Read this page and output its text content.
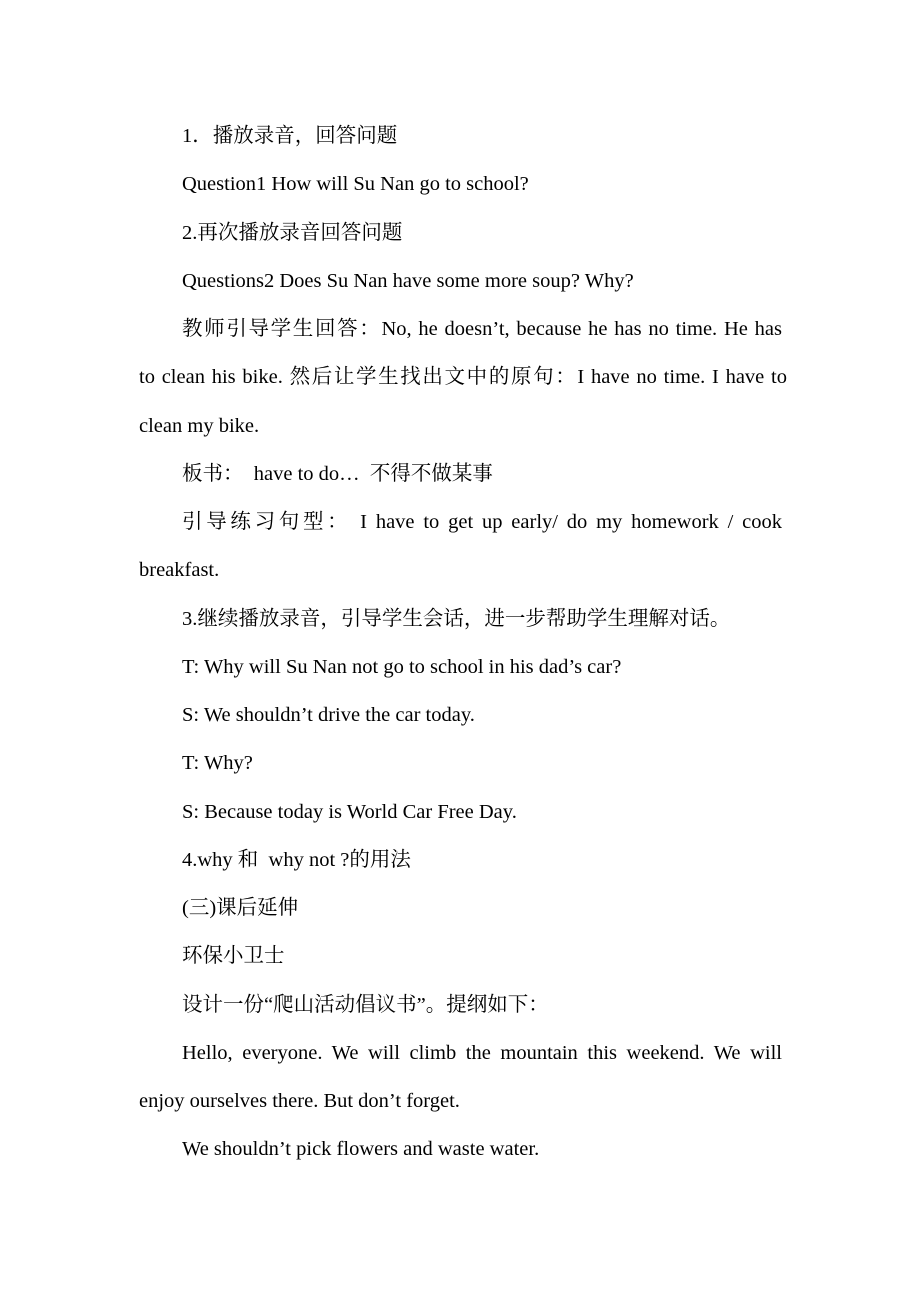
1．播放录音，回答问题
Question1 How will Su Nan go to school?
2.再次播放录音回答问题
Questions2 Does Su Nan have some more soup? Why?
教师引导学生回答：No, he doesn’t, because he has no time. He has
to clean his bike. 然后让学生找出文中的原句：I have no time. I have to
clean my bike.
板书：  have to do…  不得不做某事
引导练习句型： I have to get up early/ do my homework / cook
breakfast.
3.继续播放录音，引导学生会话，进一步帮助学生理解对话。
T: Why will Su Nan not go to school in his dad’s car?
S: We shouldn’t drive the car today.
T: Why?
S: Because today is World Car Free Day.
4.why 和  why not ?的用法
(三)课后延伸
环保小卫士
设计一份“爬山活动倡议书”。提纲如下：
Hello, everyone. We will climb the mountain this weekend. We will
enjoy ourselves there. But don’t forget.
We shouldn’t pick flowers and waste water.
